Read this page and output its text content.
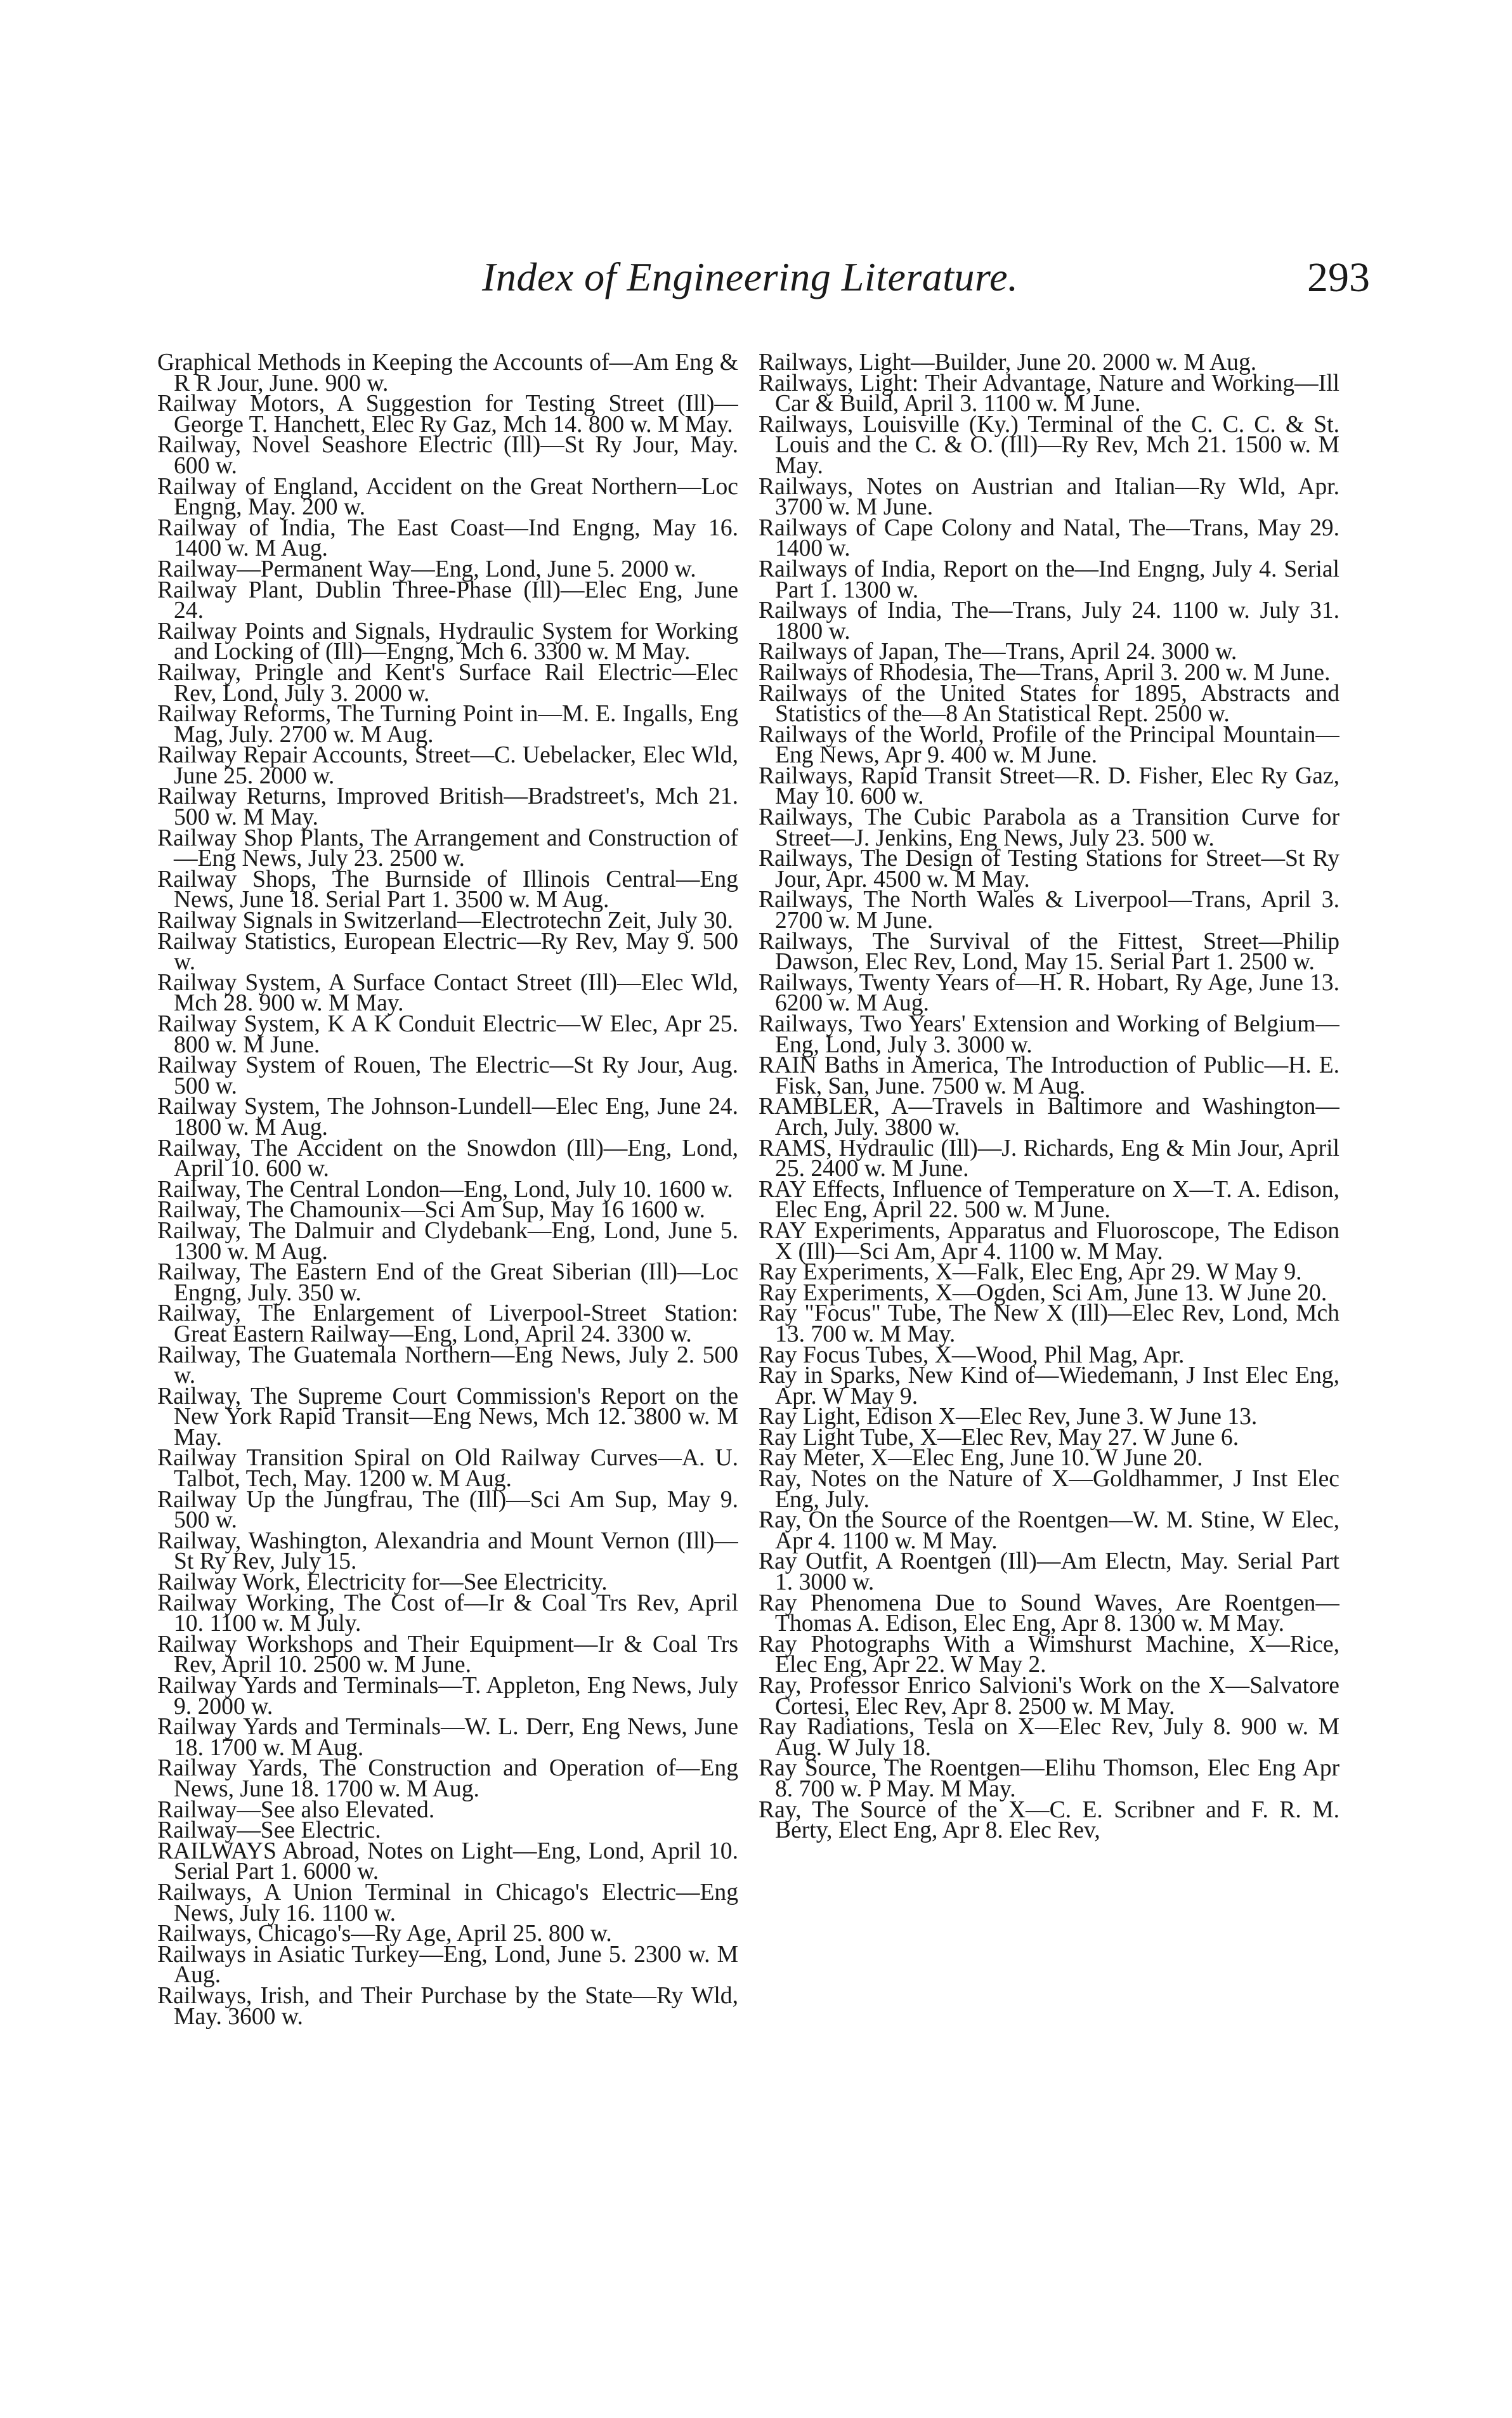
Index of Engineering Literature.	293

Graphical Methods in Keeping the Accounts of—Am Eng & R R Jour, June. 900 w.

Railway Motors, A Suggestion for Testing Street (Ill)—George T. Hanchett, Elec Ry Gaz, Mch 14. 800 w. M May.

Railway, Novel Seashore Electric (Ill)—St Ry Jour, May. 600 w.

Railway of England, Accident on the Great Northern—Loc Engng, May. 200 w.

Railway of India, The East Coast—Ind Engng, May 16. 1400 w. M Aug.

Railway—Permanent Way—Eng, Lond, June 5. 2000 w.

Railway Plant, Dublin Three-Phase (Ill)—Elec Eng, June 24.

Railway Points and Signals, Hydraulic System for Working and Locking of (Ill)—Engng, Mch 6. 3300 w. M May.

Railway, Pringle and Kent's Surface Rail Electric—Elec Rev, Lond, July 3. 2000 w.

Railway Reforms, The Turning Point in—M. E. Ingalls, Eng Mag, July. 2700 w. M Aug.

Railway Repair Accounts, Street—C. Uebelacker, Elec Wld, June 25. 2000 w.

Railway Returns, Improved British—Bradstreet's, Mch 21. 500 w. M May.

Railway Shop Plants, The Arrangement and Construction of—Eng News, July 23. 2500 w.

Railway Shops, The Burnside of Illinois Central—Eng News, June 18. Serial Part 1. 3500 w. M Aug.

Railway Signals in Switzerland—Electrotechn Zeit, July 30.

Railway Statistics, European Electric—Ry Rev, May 9. 500 w.

Railway System, A Surface Contact Street (Ill)—Elec Wld, Mch 28. 900 w. M May.

Railway System, K A K Conduit Electric—W Elec, Apr 25. 800 w. M June.

Railway System of Rouen, The Electric—St Ry Jour, Aug. 500 w.

Railway System, The Johnson-Lundell—Elec Eng, June 24. 1800 w. M Aug.

Railway, The Accident on the Snowdon (Ill)—Eng, Lond, April 10. 600 w.

Railway, The Central London—Eng, Lond, July 10. 1600 w.

Railway, The Chamounix—Sci Am Sup, May 16 1600 w.

Railway, The Dalmuir and Clydebank—Eng, Lond, June 5. 1300 w. M Aug.

Railway, The Eastern End of the Great Siberian (Ill)—Loc Engng, July. 350 w.

Railway, The Enlargement of Liverpool-Street Station: Great Eastern Railway—Eng, Lond, April 24. 3300 w.

Railway, The Guatemala Northern—Eng News, July 2. 500 w.

Railway, The Supreme Court Commission's Report on the New York Rapid Transit—Eng News, Mch 12. 3800 w. M May.

Railway Transition Spiral on Old Railway Curves—A. U. Talbot, Tech, May. 1200 w. M Aug.

Railway Up the Jungfrau, The (Ill)—Sci Am Sup, May 9. 500 w.

Railway, Washington, Alexandria and Mount Vernon (Ill)—St Ry Rev, July 15.

Railway Work, Electricity for—See Electricity.

Railway Working, The Cost of—Ir & Coal Trs Rev, April 10. 1100 w. M July.

Railway Workshops and Their Equipment—Ir & Coal Trs Rev, April 10. 2500 w. M June.

Railway Yards and Terminals—T. Appleton, Eng News, July 9. 2000 w.

Railway Yards and Terminals—W. L. Derr, Eng News, June 18. 1700 w. M Aug.

Railway Yards, The Construction and Operation of—Eng News, June 18. 1700 w. M Aug.

Railway—See also Elevated.

Railway—See Electric.

RAILWAYS Abroad, Notes on Light—Eng, Lond, April 10. Serial Part 1. 6000 w.

Railways, A Union Terminal in Chicago's Electric—Eng News, July 16. 1100 w.

Railways, Chicago's—Ry Age, April 25. 800 w.

Railways in Asiatic Turkey—Eng, Lond, June 5. 2300 w. M Aug.

Railways, Irish, and Their Purchase by the State—Ry Wld, May. 3600 w.

Railways, Light—Builder, June 20. 2000 w. M Aug.

Railways, Light: Their Advantage, Nature and Working—Ill Car & Build, April 3. 1100 w. M June.

Railways, Louisville (Ky.) Terminal of the C. C. C. & St. Louis and the C. & O. (Ill)—Ry Rev, Mch 21. 1500 w. M May.

Railways, Notes on Austrian and Italian—Ry Wld, Apr. 3700 w. M June.

Railways of Cape Colony and Natal, The—Trans, May 29. 1400 w.

Railways of India, Report on the—Ind Engng, July 4. Serial Part 1. 1300 w.

Railways of India, The—Trans, July 24. 1100 w. July 31. 1800 w.

Railways of Japan, The—Trans, April 24. 3000 w.

Railways of Rhodesia, The—Trans, April 3. 200 w. M June.

Railways of the United States for 1895, Abstracts and Statistics of the—8 An Statistical Rept. 2500 w.

Railways of the World, Profile of the Principal Mountain—Eng News, Apr 9. 400 w. M June.

Railways, Rapid Transit Street—R. D. Fisher, Elec Ry Gaz, May 10. 600 w.

Railways, The Cubic Parabola as a Transition Curve for Street—J. Jenkins, Eng News, July 23. 500 w.

Railways, The Design of Testing Stations for Street—St Ry Jour, Apr. 4500 w. M May.

Railways, The North Wales & Liverpool—Trans, April 3. 2700 w. M June.

Railways, The Survival of the Fittest, Street—Philip Dawson, Elec Rev, Lond, May 15. Serial Part 1. 2500 w.

Railways, Twenty Years of—H. R. Hobart, Ry Age, June 13. 6200 w. M Aug.

Railways, Two Years' Extension and Working of Belgium—Eng, Lond, July 3. 3000 w.

RAIN Baths in America, The Introduction of Public—H. E. Fisk, San, June. 7500 w. M Aug.

RAMBLER, A—Travels in Baltimore and Washington—Arch, July. 3800 w.

RAMS, Hydraulic (Ill)—J. Richards, Eng & Min Jour, April 25. 2400 w. M June.

RAY Effects, Influence of Temperature on X—T. A. Edison, Elec Eng, April 22. 500 w. M June.

RAY Experiments, Apparatus and Fluoroscope, The Edison X (Ill)—Sci Am, Apr 4. 1100 w. M May.

Ray Experiments, X—Falk, Elec Eng, Apr 29. W May 9.

Ray Experiments, X—Ogden, Sci Am, June 13. W June 20.

Ray "Focus" Tube, The New X (Ill)—Elec Rev, Lond, Mch 13. 700 w. M May.

Ray Focus Tubes, X—Wood, Phil Mag, Apr.

Ray in Sparks, New Kind of—Wiedemann, J Inst Elec Eng, Apr. W May 9.

Ray Light, Edison X—Elec Rev, June 3. W June 13.

Ray Light Tube, X—Elec Rev, May 27. W June 6.

Ray Meter, X—Elec Eng, June 10. W June 20.

Ray, Notes on the Nature of X—Goldhammer, J Inst Elec Eng, July.

Ray, On the Source of the Roentgen—W. M. Stine, W Elec, Apr 4. 1100 w. M May.

Ray Outfit, A Roentgen (Ill)—Am Electn, May. Serial Part 1. 3000 w.

Ray Phenomena Due to Sound Waves, Are Roentgen—Thomas A. Edison, Elec Eng, Apr 8. 1300 w. M May.

Ray Photographs With a Wimshurst Machine, X—Rice, Elec Eng, Apr 22. W May 2.

Ray, Professor Enrico Salvioni's Work on the X—Salvatore Cortesi, Elec Rev, Apr 8. 2500 w. M May.

Ray Radiations, Tesla on X—Elec Rev, July 8. 900 w. M Aug. W July 18.

Ray Source, The Roentgen—Elihu Thomson, Elec Eng Apr 8. 700 w. P May. M May.

Ray, The Source of the X—C. E. Scribner and F. R. M. Berty, Elect Eng, Apr 8. Elec Rev,
